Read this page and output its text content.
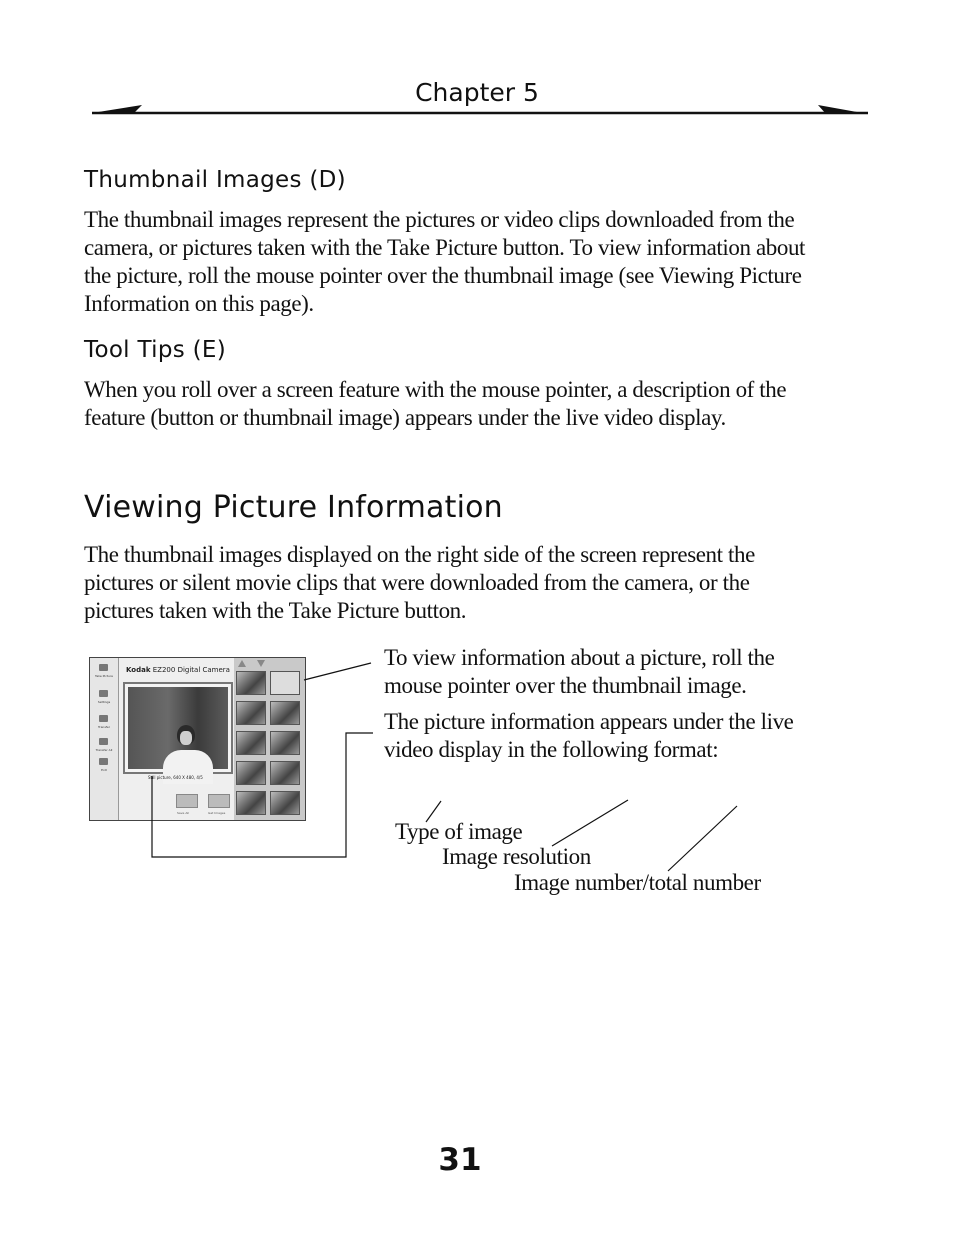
Chapter 5
Thumbnail Images (D)

The thumbnail images represent the pictures or video clips downloaded from the

camera, or pictures taken with the Take Picture button. To view information about

the picture, roll the mouse pointer over the thumbnail image (see Viewing Picture

Information on this page).

Tool Tips (E)

When you roll over a screen feature with the mouse pointer, a description of the

feature (button or thumbnail image) appears under the live video display.

Viewing Picture Information

The thumbnail images displayed on the right side of the screen represent the

pictures or silent movie clips that were downloaded from the camera, or the

pictures taken with the Take Picture button.

Take Picture
Settings
Transfer
Transfer All
Exit
Kodak EZ200 Digital Camera
Still picture, 640 X 480, 4/5
Save All	Get Images
To view information about a picture, roll the
mouse pointer over the thumbnail image.
The picture information appears under the live
video display in the following format:
Type of image
Image resolution
Image number/total number
31
